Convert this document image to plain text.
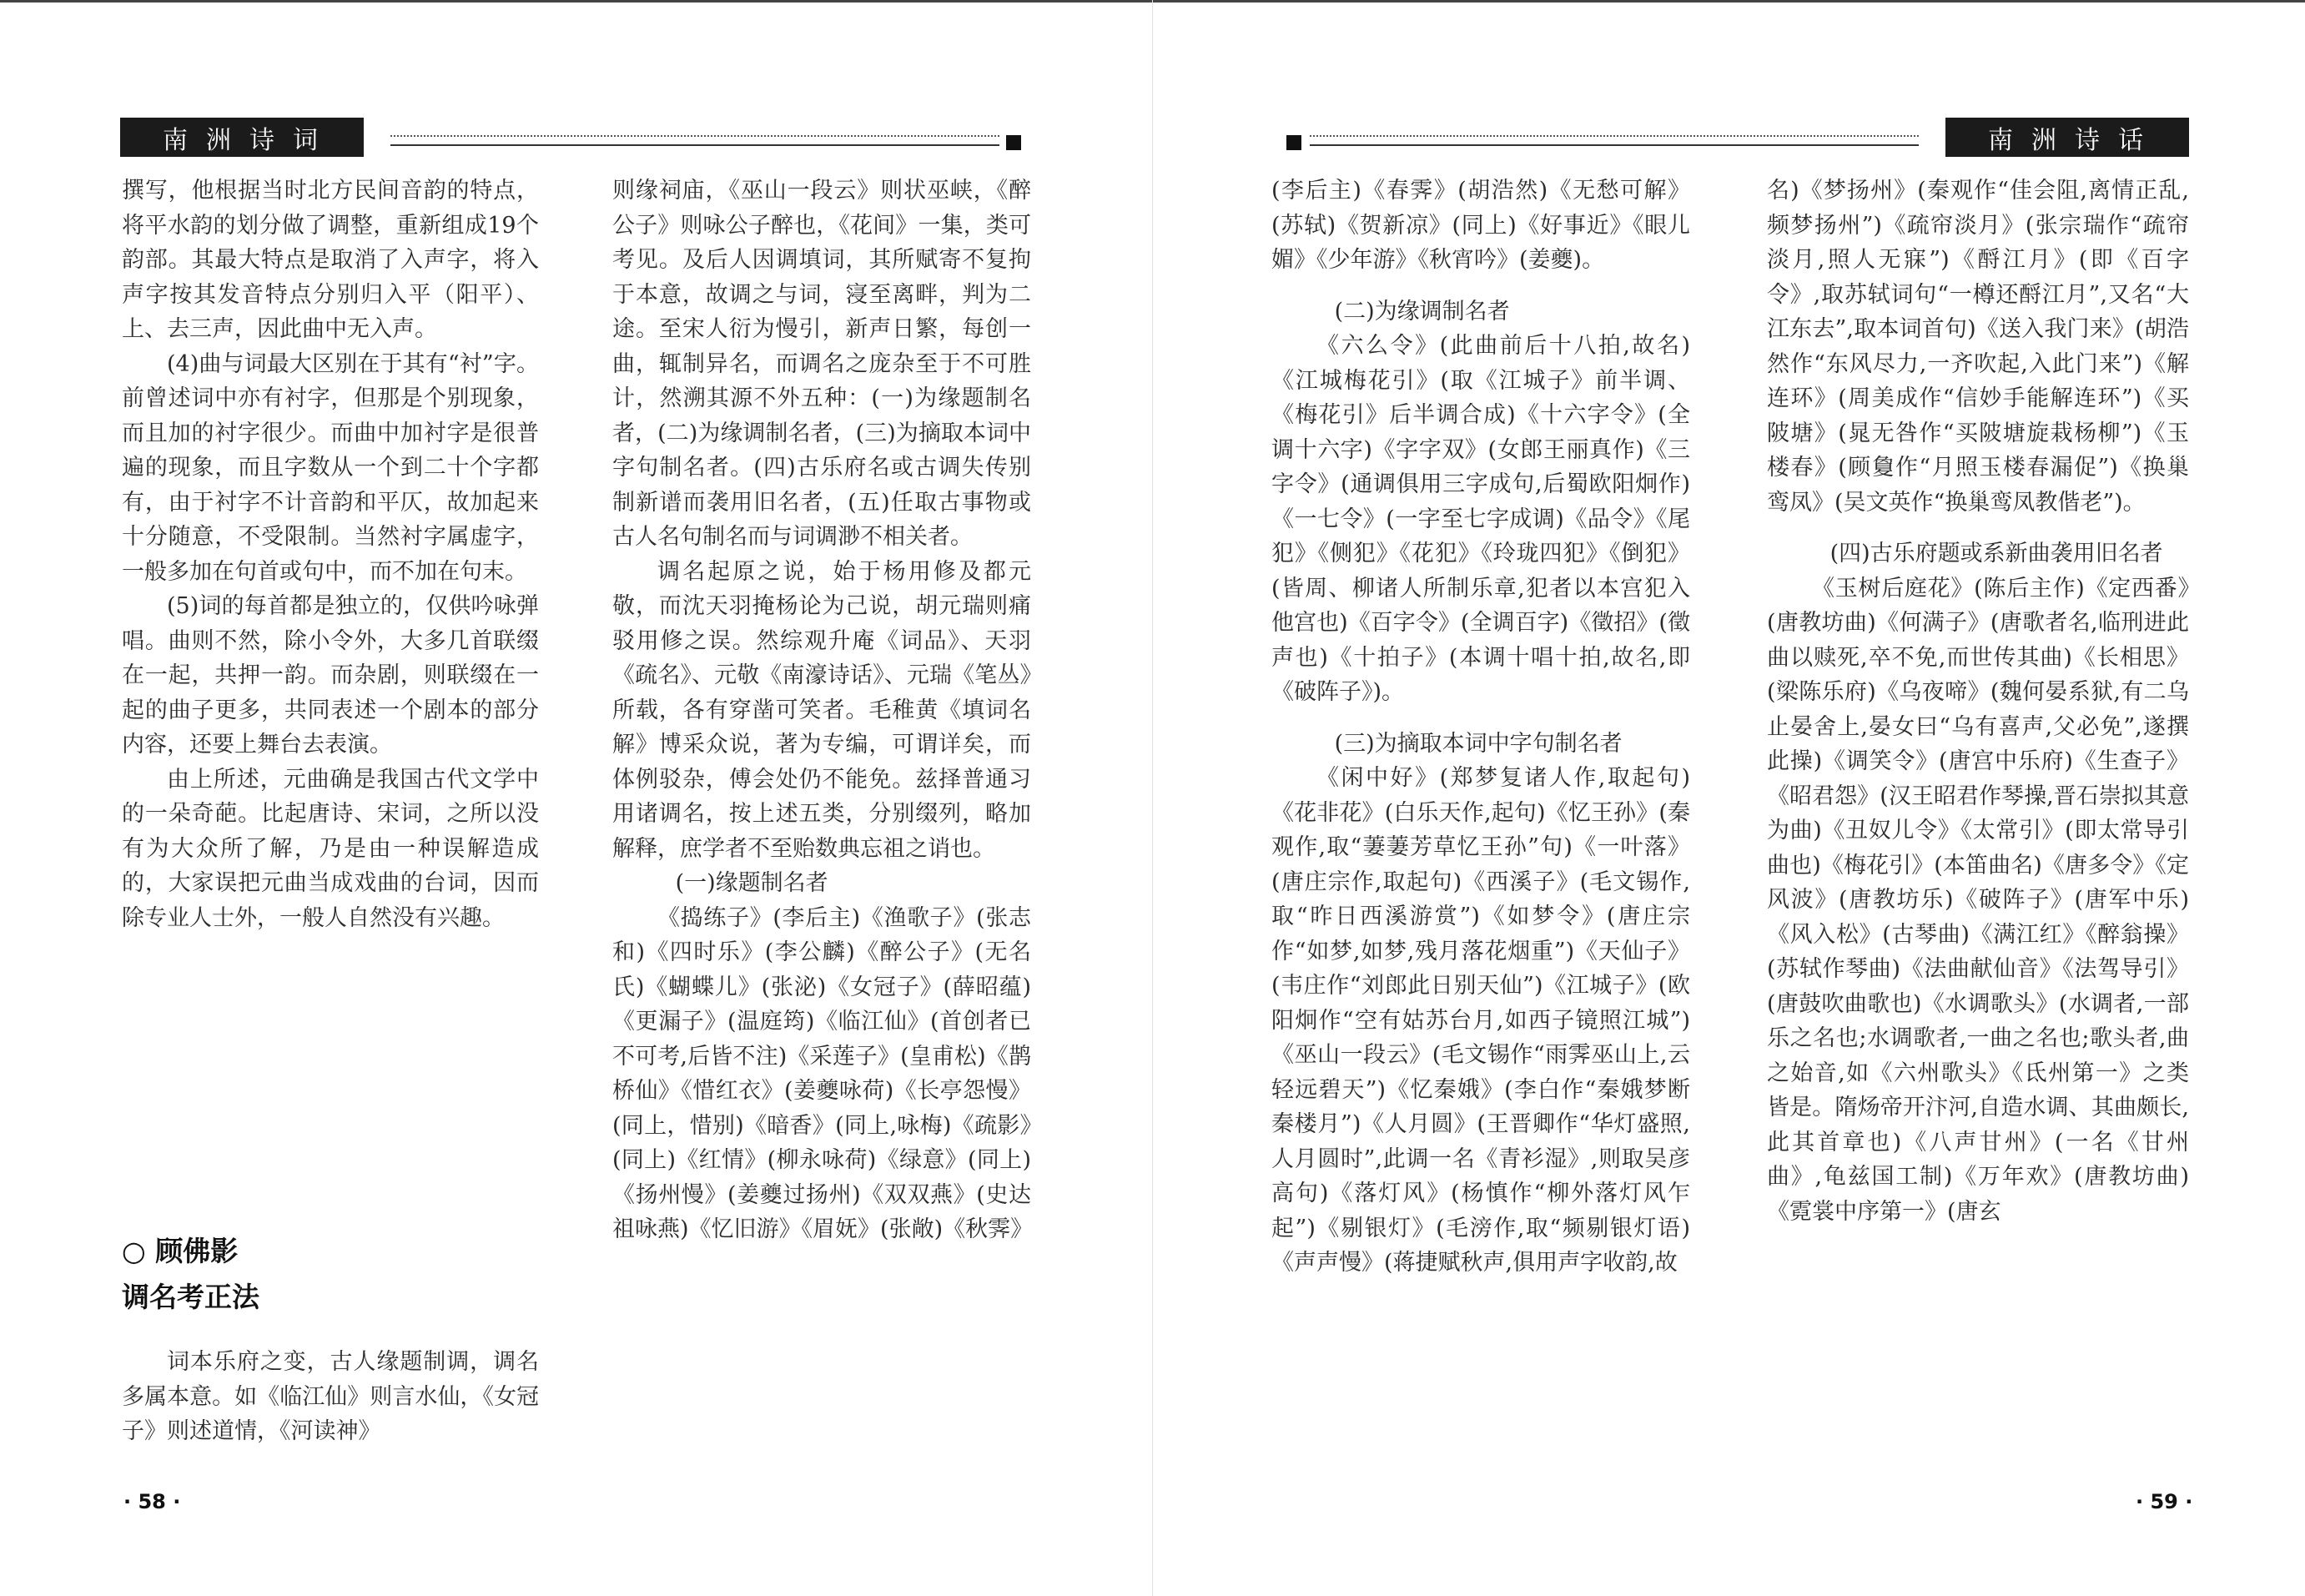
南洲诗词

撰写，他根据当时北方民间音韵的特点，将平水韵的划分做了调整，重新组成19个韵部。其最大特点是取消了入声字，将入声字按其发音特点分别归入平（阳平）、上、去三声，因此曲中无入声。

(4)曲与词最大区别在于其有“衬”字。前曾述词中亦有衬字，但那是个别现象，而且加的衬字很少。而曲中加衬字是很普遍的现象，而且字数从一个到二十个字都有，由于衬字不计音韵和平仄，故加起来十分随意，不受限制。当然衬字属虚字，一般多加在句首或句中，而不加在句末。

(5)词的每首都是独立的，仅供吟咏弹唱。曲则不然，除小令外，大多几首联缀在一起，共押一韵。而杂剧，则联缀在一起的曲子更多，共同表述一个剧本的部分内容，还要上舞台去表演。

由上所述，元曲确是我国古代文学中的一朵奇葩。比起唐诗、宋词，之所以没有为大众所了解，乃是由一种误解造成的，大家误把元曲当成戏曲的台词，因而除专业人士外，一般人自然没有兴趣。

○ 顾佛影
调名考正法

词本乐府之变，古人缘题制调，调名多属本意。如《临江仙》则言水仙，《女冠子》则述道情，《河读神》

则缘祠庙，《巫山一段云》则状巫峡，《醉公子》则咏公子醉也，《花间》一集，类可考见。及后人因调填词，其所赋寄不复拘于本意，故调之与词，寖至离畔，判为二途。至宋人衍为慢引，新声日繁，每创一曲，辄制异名，而调名之庞杂至于不可胜计，然溯其源不外五种：(一)为缘题制名者，(二)为缘调制名者，(三)为摘取本词中字句制名者。(四)古乐府名或古调失传别制新谱而袭用旧名者，(五)任取古事物或古人名句制名而与词调渺不相关者。

调名起原之说，始于杨用修及都元敬，而沈天羽掩杨论为己说，胡元瑞则痛驳用修之误。然综观升庵《词品》、天羽《疏名》、元敬《南濠诗话》、元瑞《笔丛》所载，各有穿凿可笑者。毛稚黄《填词名解》博采众说，著为专编，可谓详矣，而体例驳杂，傅会处仍不能免。兹择普通习用诸调名，按上述五类，分别缀列，略加解释，庶学者不至贻数典忘祖之诮也。

(一)缘题制名者

《捣练子》(李后主)《渔歌子》(张志和)《四时乐》(李公麟)《醉公子》(无名氏)《蝴蝶儿》(张泌)《女冠子》(薛昭蕴)《更漏子》(温庭筠)《临江仙》(首创者已不可考,后皆不注)《采莲子》(皇甫松)《鹊桥仙》《惜红衣》(姜夔咏荷)《长亭怨慢》(同上，惜别)《暗香》(同上,咏梅)《疏影》(同上)《红情》(柳永咏荷)《绿意》(同上)《扬州慢》(姜夔过扬州)《双双燕》(史达祖咏燕)《忆旧游》《眉妩》(张敞)《秋霁》

· 58 ·
南洲诗话

(李后主)《春霁》(胡浩然)《无愁可解》(苏轼)《贺新凉》(同上)《好事近》《眼儿媚》《少年游》《秋宵吟》(姜夔)。

(二)为缘调制名者

《六么令》(此曲前后十八拍,故名)《江城梅花引》(取《江城子》前半调、《梅花引》后半调合成)《十六字令》(全调十六字)《字字双》(女郎王丽真作)《三字令》(通调俱用三字成句,后蜀欧阳炯作)《一七令》(一字至七字成调)《品令》《尾犯》《侧犯》《花犯》《玲珑四犯》《倒犯》(皆周、柳诸人所制乐章,犯者以本宫犯入他宫也)《百字令》(全调百字)《徵招》(徵声也)《十拍子》(本调十唱十拍,故名,即《破阵子》)。

(三)为摘取本词中字句制名者

《闲中好》(郑梦复诸人作,取起句)《花非花》(白乐天作,起句)《忆王孙》(秦观作,取“萋萋芳草忆王孙”句)《一叶落》(唐庄宗作,取起句)《西溪子》(毛文锡作,取“昨日西溪游赏”)《如梦令》(唐庄宗作“如梦,如梦,残月落花烟重”)《天仙子》(韦庄作“刘郎此日别天仙”)《江城子》(欧阳炯作“空有姑苏台月,如西子镜照江城”)《巫山一段云》(毛文锡作“雨霁巫山上,云轻远碧天”)《忆秦娥》(李白作“秦娥梦断秦楼月”)《人月圆》(王晋卿作“华灯盛照,人月圆时”,此调一名《青衫湿》,则取吴彦高句)《落灯风》(杨慎作“柳外落灯风乍起”)《剔银灯》(毛滂作,取“频剔银灯语)《声声慢》(蒋捷赋秋声,俱用声字收韵,故

名)《梦扬州》(秦观作“佳会阻,离情正乱,频梦扬州”)《疏帘淡月》(张宗瑞作“疏帘淡月,照人无寐”)《酹江月》(即《百字令》,取苏轼词句“一樽还酹江月”,又名“大江东去”,取本词首句)《送入我门来》(胡浩然作“东风尽力,一齐吹起,入此门来”)《解连环》(周美成作“信妙手能解连环”)《买陂塘》(晁无咎作“买陂塘旋栽杨柳”)《玉楼春》(顾敻作“月照玉楼春漏促”)《换巢鸾凤》(吴文英作“换巢鸾凤教偕老”)。

(四)古乐府题或系新曲袭用旧名者

《玉树后庭花》(陈后主作)《定西番》(唐教坊曲)《何满子》(唐歌者名,临刑进此曲以赎死,卒不免,而世传其曲)《长相思》(梁陈乐府)《乌夜啼》(魏何晏系狱,有二乌止晏舍上,晏女曰“乌有喜声,父必免”,遂撰此操)《调笑令》(唐宫中乐府)《生查子》《昭君怨》(汉王昭君作琴操,晋石崇拟其意为曲)《丑奴儿令》《太常引》(即太常导引曲也)《梅花引》(本笛曲名)《唐多令》《定风波》(唐教坊乐)《破阵子》(唐军中乐)《风入松》(古琴曲)《满江红》《醉翁操》(苏轼作琴曲)《法曲献仙音》《法驾导引》(唐鼓吹曲歌也)《水调歌头》(水调者,一部乐之名也;水调歌者,一曲之名也;歌头者,曲之始音,如《六州歌头》《氐州第一》之类皆是。隋炀帝开汴河,自造水调、其曲颇长,此其首章也)《八声甘州》(一名《甘州曲》,龟兹国工制)《万年欢》(唐教坊曲)《霓裳中序第一》(唐玄

· 59 ·
